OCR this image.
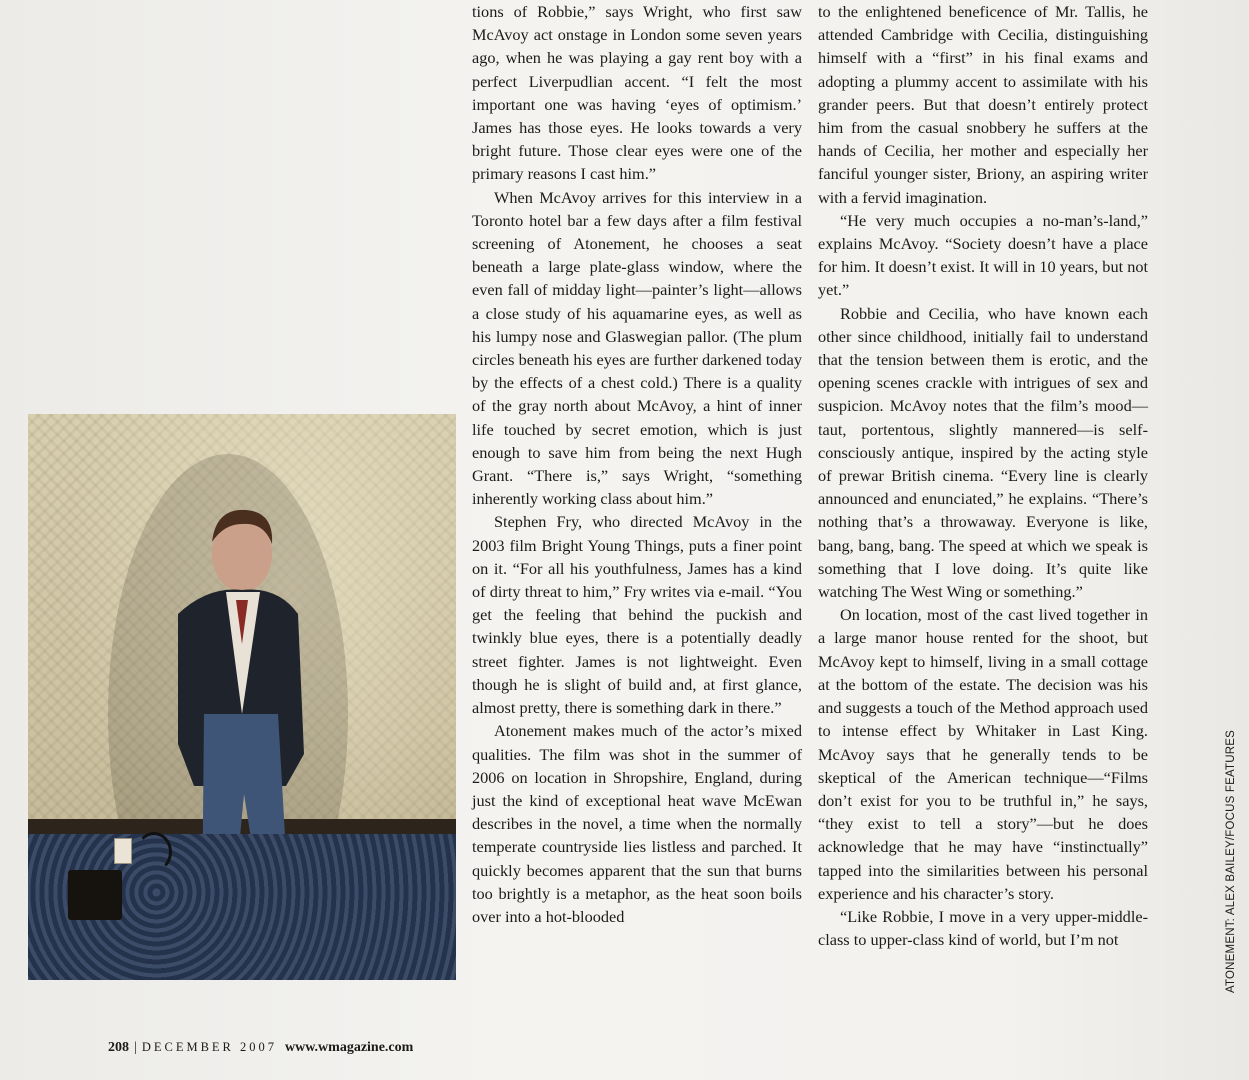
tions of Robbie,” says Wright, who first saw McAvoy act onstage in London some seven years ago, when he was playing a gay rent boy with a perfect Liverpudlian accent. “I felt the most important one was having ‘eyes of optimism.’ James has those eyes. He looks towards a very bright future. Those clear eyes were one of the primary reasons I cast him.”

When McAvoy arrives for this interview in a Toronto hotel bar a few days after a film festival screening of Atonement, he chooses a seat beneath a large plate-glass window, where the even fall of midday light—painter’s light—allows a close study of his aquamarine eyes, as well as his lumpy nose and Glaswegian pallor. (The plum circles beneath his eyes are further darkened today by the effects of a chest cold.) There is a quality of the gray north about McAvoy, a hint of inner life touched by secret emotion, which is just enough to save him from being the next Hugh Grant. “There is,” says Wright, “something inherently working class about him.”

Stephen Fry, who directed McAvoy in the 2003 film Bright Young Things, puts a finer point on it. “For all his youthfulness, James has a kind of dirty threat to him,” Fry writes via e-mail. “You get the feeling that behind the puckish and twinkly blue eyes, there is a potentially deadly street fighter. James is not lightweight. Even though he is slight of build and, at first glance, almost pretty, there is something dark in there.”

Atonement makes much of the actor’s mixed qualities. The film was shot in the summer of 2006 on location in Shropshire, England, during just the kind of exceptional heat wave McEwan describes in the novel, a time when the normally temperate countryside lies listless and parched. It quickly becomes apparent that the sun that burns too brightly is a metaphor, as the heat soon boils over into a hot-blooded

to the enlightened beneficence of Mr. Tallis, he attended Cambridge with Cecilia, distinguishing himself with a “first” in his final exams and adopting a plummy accent to assimilate with his grander peers. But that doesn’t entirely protect him from the casual snobbery he suffers at the hands of Cecilia, her mother and especially her fanciful younger sister, Briony, an aspiring writer with a fervid imagination.

“He very much occupies a no-man’s-land,” explains McAvoy. “Society doesn’t have a place for him. It doesn’t exist. It will in 10 years, but not yet.”

Robbie and Cecilia, who have known each other since childhood, initially fail to understand that the tension between them is erotic, and the opening scenes crackle with intrigues of sex and suspicion. McAvoy notes that the film’s mood—taut, portentous, slightly mannered—is self-consciously antique, inspired by the acting style of prewar British cinema. “Every line is clearly announced and enunciated,” he explains. “There’s nothing that’s a throwaway. Everyone is like, bang, bang, bang. The speed at which we speak is something that I love doing. It’s quite like watching The West Wing or something.”

On location, most of the cast lived together in a large manor house rented for the shoot, but McAvoy kept to himself, living in a small cottage at the bottom of the estate. The decision was his and suggests a touch of the Method approach used to intense effect by Whitaker in Last King. McAvoy says that he generally tends to be skeptical of the American technique—“Films don’t exist for you to be truthful in,” he says, “they exist to tell a story”—but he does acknowledge that he may have “instinctually” tapped into the similarities between his personal experience and his character’s story.

“Like Robbie, I move in a very upper-middle-class to upper-class kind of world, but I’m not	ATONEMENT: ALEX BAILEY/FOCUS FEATURES
208 | DECEMBER 2007 www.wmagazine.com
